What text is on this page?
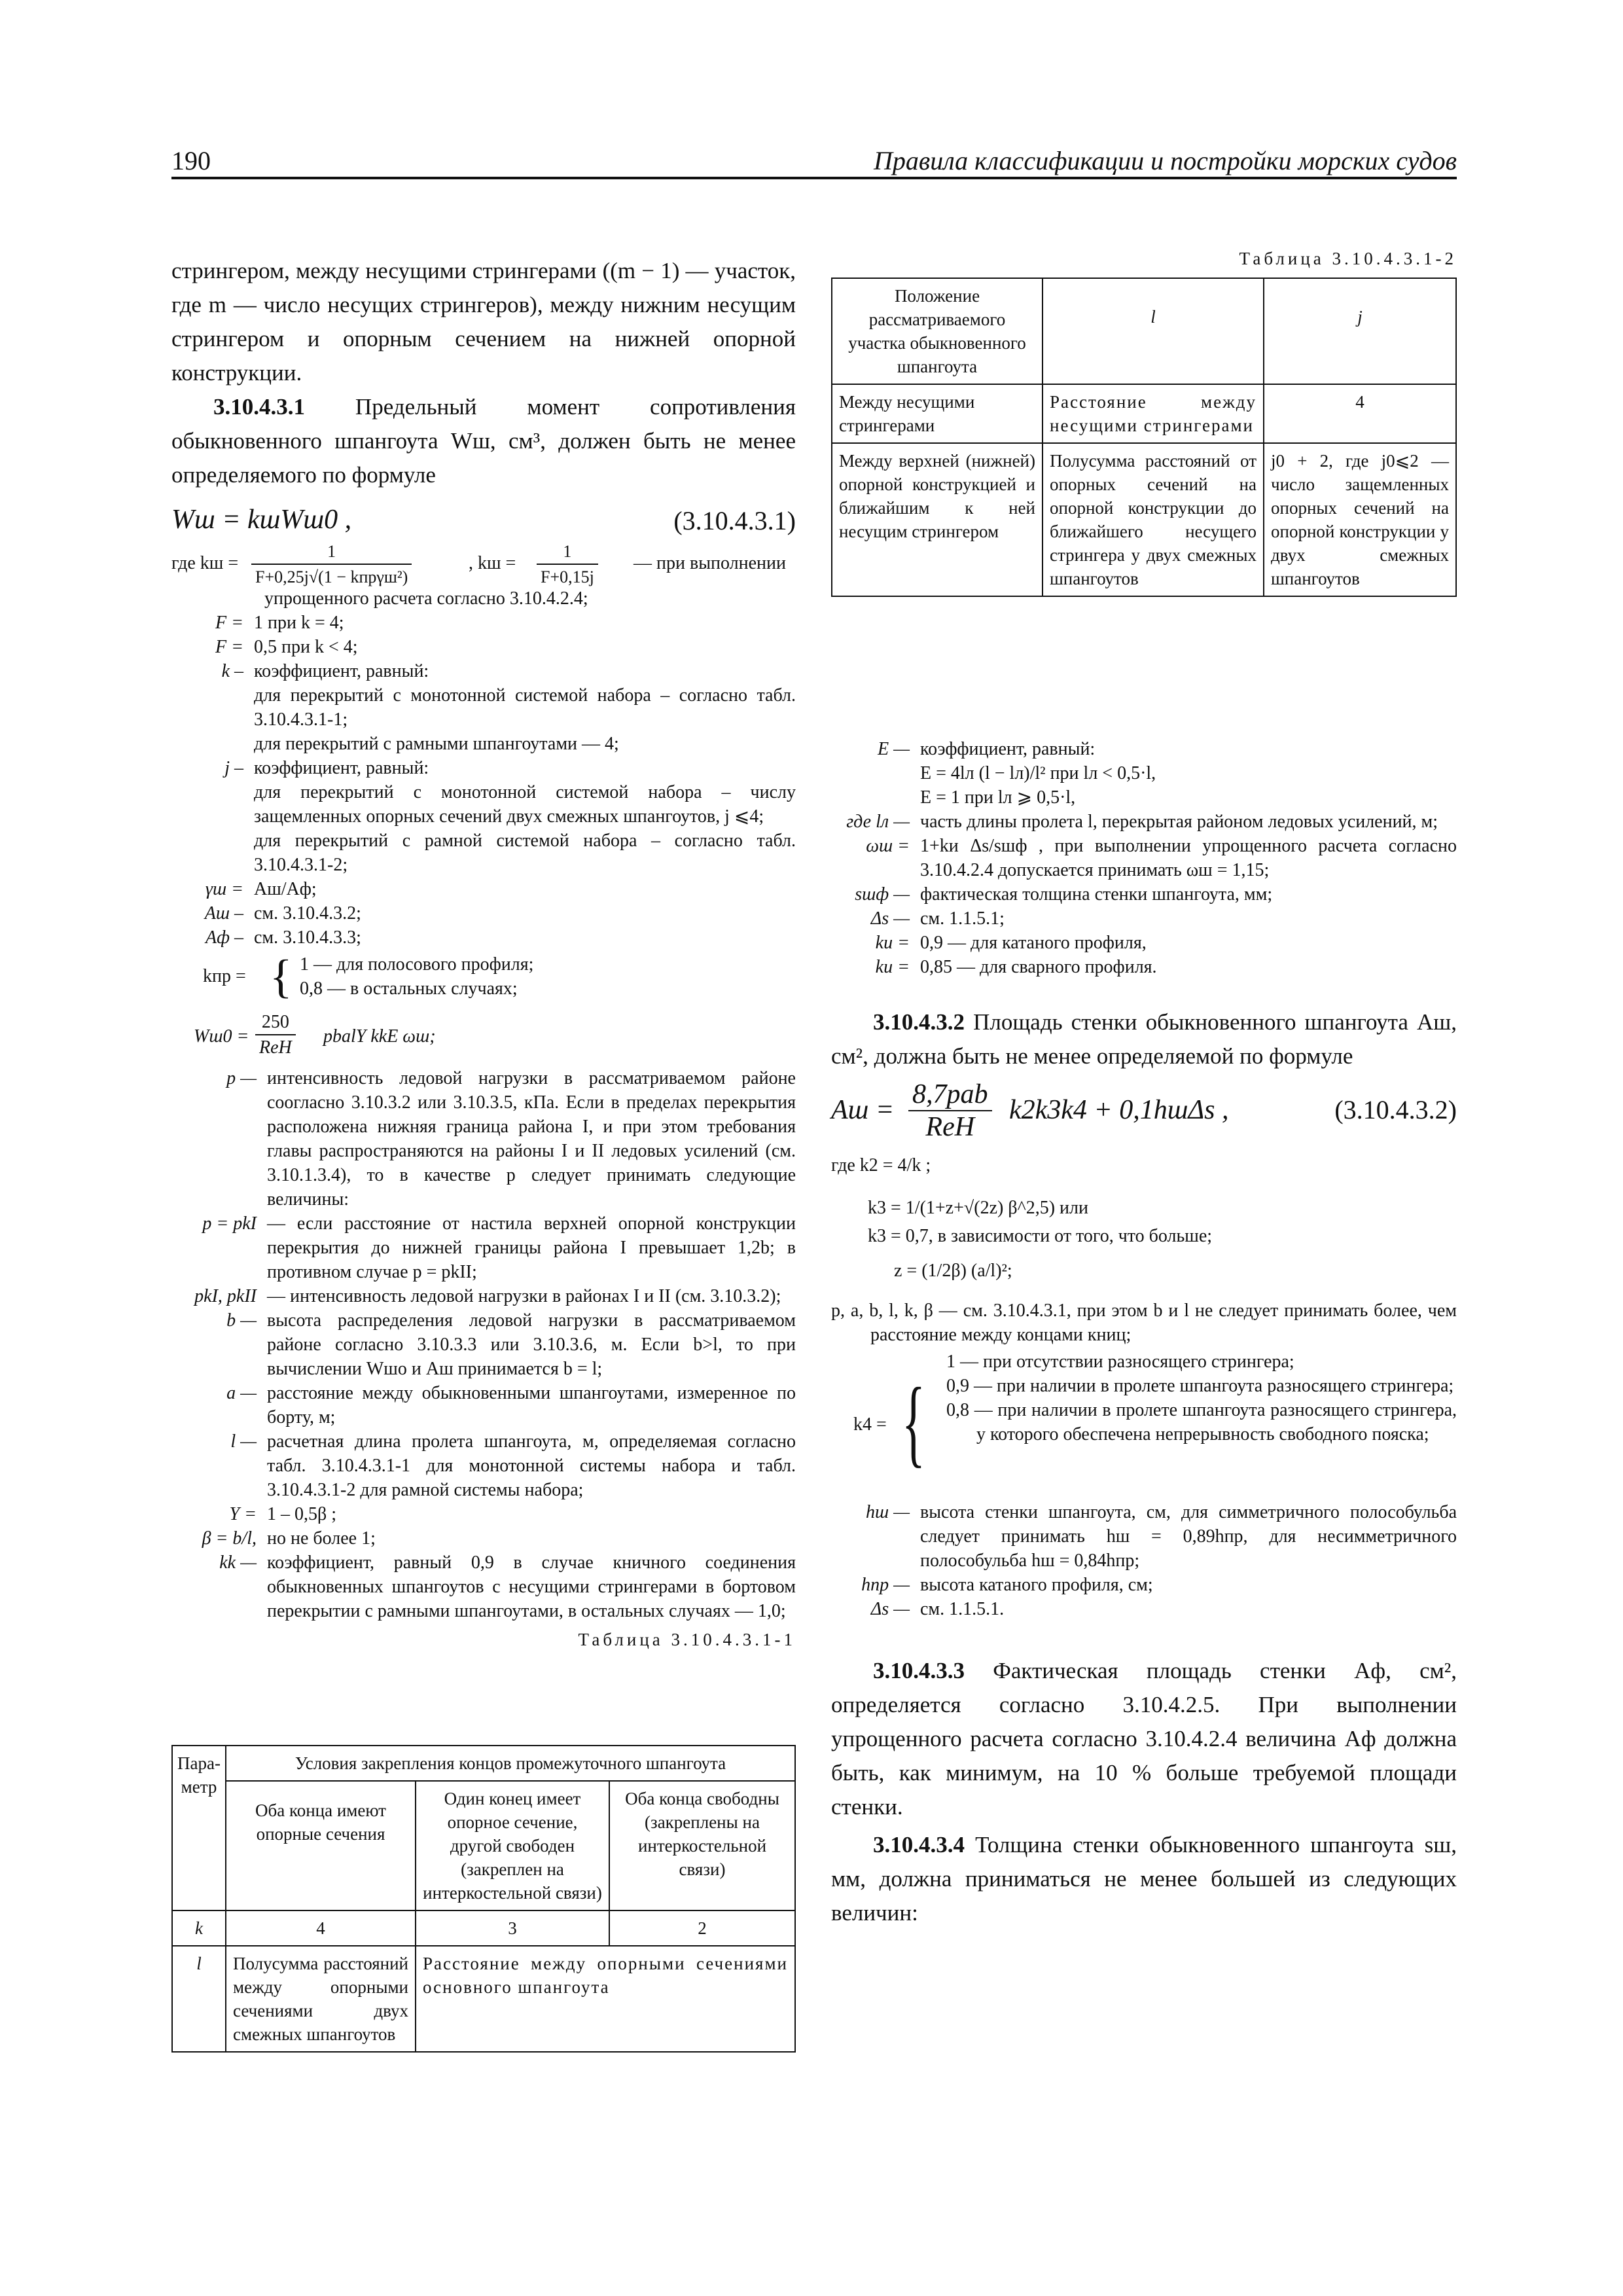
190	Правила классификации и постройки морских судов
стрингером, между несущими стрингерами ((m − 1) — участок, где m — число несущих стрингеров), между нижним несущим стрингером и опорным сечением на нижней опорной конструкции.
3.10.4.3.1 Предельный момент сопротивления обыкновенного шпангоута Wш, см³, должен быть не менее определяемого по формуле
Wш = kшWш0 ,	(3.10.4.3.1)
где kш =
1
F+0,25j√(1 − kпрγш²)
, kш = $\frac{1}{F+0,15j}$ — при выполнении
упрощенного расчета согласно 3.10.4.2.4;
F = 1 при k = 4;
F = 0,5 при k < 4;
k – коэффициент, равный:
для перекрытий с монотонной системой набора – согласно табл. 3.10.4.3.1-1;
для перекрытий с рамными шпангоутами — 4;
j – коэффициент, равный:
для перекрытий с монотонной системой набора – числу защемленных опорных сечений двух смежных шпангоутов, j ⩽4;
для перекрытий с рамной системой набора – согласно табл. 3.10.4.3.1-2;
γш = Aш/Aф;
Aш – см. 3.10.4.3.2;
Aф – см. 3.10.4.3.3;
kпр = { 1 — для полосового профиля;
0,8 — в остальных случаях;
Wш0 =
250
ReH
pbalY kkE ωш;
p — интенсивность ледовой нагрузки в рассматриваемом районе соогласно 3.10.3.2 или 3.10.3.5, кПа. Если в пределах перекрытия расположена нижняя граница района I, и при этом требования главы распространяются на районы I и II ледовых усилений (см. 3.10.1.3.4), то в качестве p следует принимать следующие величины:
p = pkI — если расстояние от настила верхней опорной конструкции перекрытия до нижней границы района I превышает 1,2b; в противном случае p = pkII;
pkI, pkII — интенсивность ледовой нагрузки в районах I и II (см. 3.10.3.2);
b — высота распределения ледовой нагрузки в рассматриваемом районе согласно 3.10.3.3 или 3.10.3.6, м. Если b>l, то при вычислении Wшо и Aш принимается b = l;
a — расстояние между обыкновенными шпангоутами, измеренное по борту, м;
l — расчетная длина пролета шпангоута, м, определяемая согласно табл. 3.10.4.3.1-1 для монотонной системы набора и табл. 3.10.4.3.1-2 для рамной системы набора;
Y = 1 – 0,5β ;
β = b/l, но не более 1;
kk — коэффициент, равный 0,9 в случае кничного соединения обыкновенных шпангоутов с несущими стрингерами в бортовом перекрытии с рамными шпангоутами, в остальных случаях — 1,0;
Таблица 3.10.4.3.1-1
Пара-метр	Условия закрепления концов промежуточного шпангоута		
	Оба конца имеют опорные сечения	Один конец имеет опорное сечение, другой свободен (закреплен на интеркостельной связи)	Оба конца свободны (закреплены на интеркостельной связи)
k	4	3	2
l	Полусумма расстояний между опорными сечениями двух смежных шпангоутов	Расстояние между опорными сечениями основного шпангоута	
Таблица 3.10.4.3.1-2
Положение рассматриваемого участка обыкновенного шпангоута	l	j
Между несущими стрингерами	Расстояние между несущими стрингерами	4
Между верхней (нижней) опорной конструкцией и ближайшим к ней несущим стрингером	Полусумма расстояний от опорных сечений на опорной конструкции до ближайшего несущего стрингера у двух смежных шпангоутов	j0 + 2, где j0⩽2 — число защемленных опорных сечений на опорной конструкции у двух смежных шпангоутов
E — коэффициент, равный:
E = 4lл (l − lл)/l² при lл < 0,5·l,
E = 1 при lл ⩾ 0,5·l,
где lл — часть длины пролета l, перекрытая районом ледовых усилений, м;
ωш = 1+kи Δs/sшф , при выполнении упрощенного расчета согласно 3.10.4.2.4 допускается принимать ωш = 1,15;
sшф — фактическая толщина стенки шпангоута, мм;
Δs — см. 1.1.5.1;
kи = 0,9 — для катаного профиля,
kи = 0,85 — для сварного профиля.
3.10.4.3.2 Площадь стенки обыкновенного шпангоута Aш, см², должна быть не менее определяемой по формуле
Aш =
8,7pab
ReH
k2k3k4 + 0,1hшΔs ,	(3.10.4.3.2)
где k2 = 4/k ;
k3 = 1/(1+z+√(2z) β^2,5) или
k3 = 0,7, в зависимости от того, что больше;
z = (1/2β) (a/l)²;
p, a, b, l, k, β — см. 3.10.4.3.1, при этом b и l не следует принимать более, чем расстояние между концами книц;
k4 = {
1 — при отсутствии разносящего стрингера;
0,9 — при наличии в пролете шпангоута разносящего стрингера;
0,8 — при наличии в пролете шпангоута разносящего стрингера, у которого обеспечена непрерывность свободного пояска;
hш — высота стенки шпангоута, см, для симметричного полособульба следует принимать hш = 0,89hпр, для несимметричного полособульба hш = 0,84hпр;
hпр — высота катаного профиля, см;
Δs — см. 1.1.5.1.
3.10.4.3.3 Фактическая площадь стенки Aф, см², определяется согласно 3.10.4.2.5. При выполнении упрощенного расчета согласно 3.10.4.2.4 величина Aф должна быть, как минимум, на 10 % больше требуемой площади стенки.
3.10.4.3.4 Толщина стенки обыкновенного шпангоута sш, мм, должна приниматься не менее большей из следующих величин:
